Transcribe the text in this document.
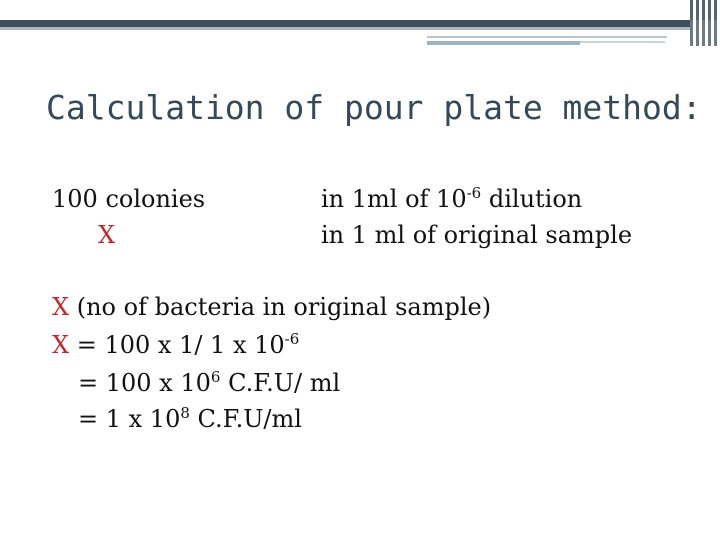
Calculation of pour plate method:
100 colonies	in 1ml of $10^{-6}$ dilution
X	in 1 ml of original sample
X (no of bacteria in original sample)
X = 100 x 1/ 1 x $10^{-6}$
= 100 x $10^6$ C.F.U/ ml
= 1 x $10^8$ C.F.U/ml
